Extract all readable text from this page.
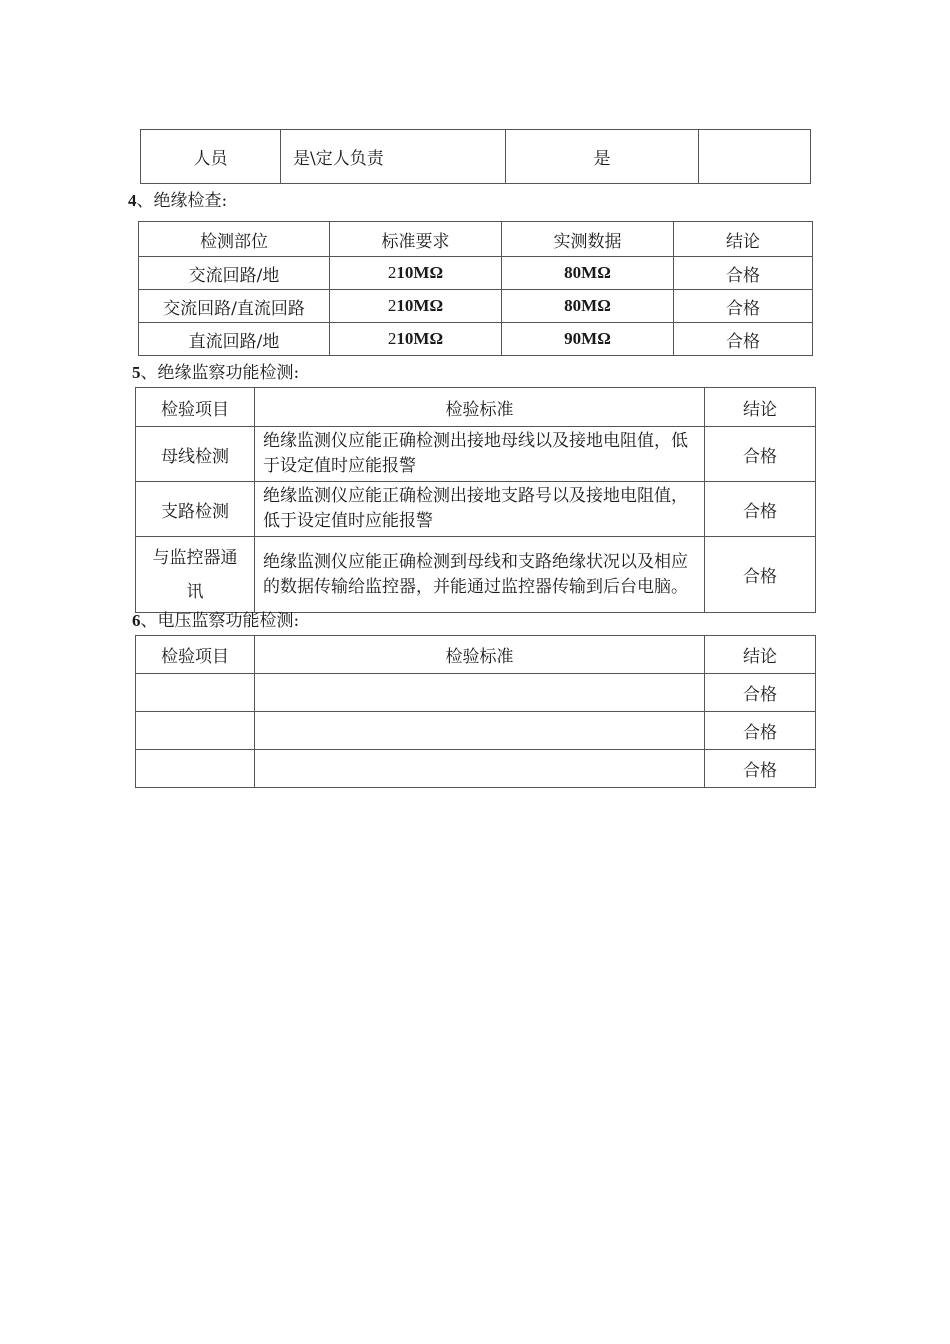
人员	是\定人负责	是	
4、绝缘检查:
检测部位	标准要求	实测数据	结论
交流回路/地	210MΩ	80MΩ	合格
交流回路/直流回路	210MΩ	80MΩ	合格
直流回路/地	210MΩ	90MΩ	合格
5、绝缘监察功能检测:
检验项目	检验标准	结论
母线检测	绝缘监测仪应能正确检测出接地母线以及接地电阻值，低于设定值时应能报警	合格
支路检测	绝缘监测仪应能正确检测出接地支路号以及接地电阻值，低于设定值时应能报警	合格
与监控器通讯	绝缘监测仪应能正确检测到母线和支路绝缘状况以及相应的数据传输给监控器，并能通过监控器传输到后台电脑。	合格
6、电压监察功能检测:
检验项目	检验标准	结论
		合格
		合格
		合格
